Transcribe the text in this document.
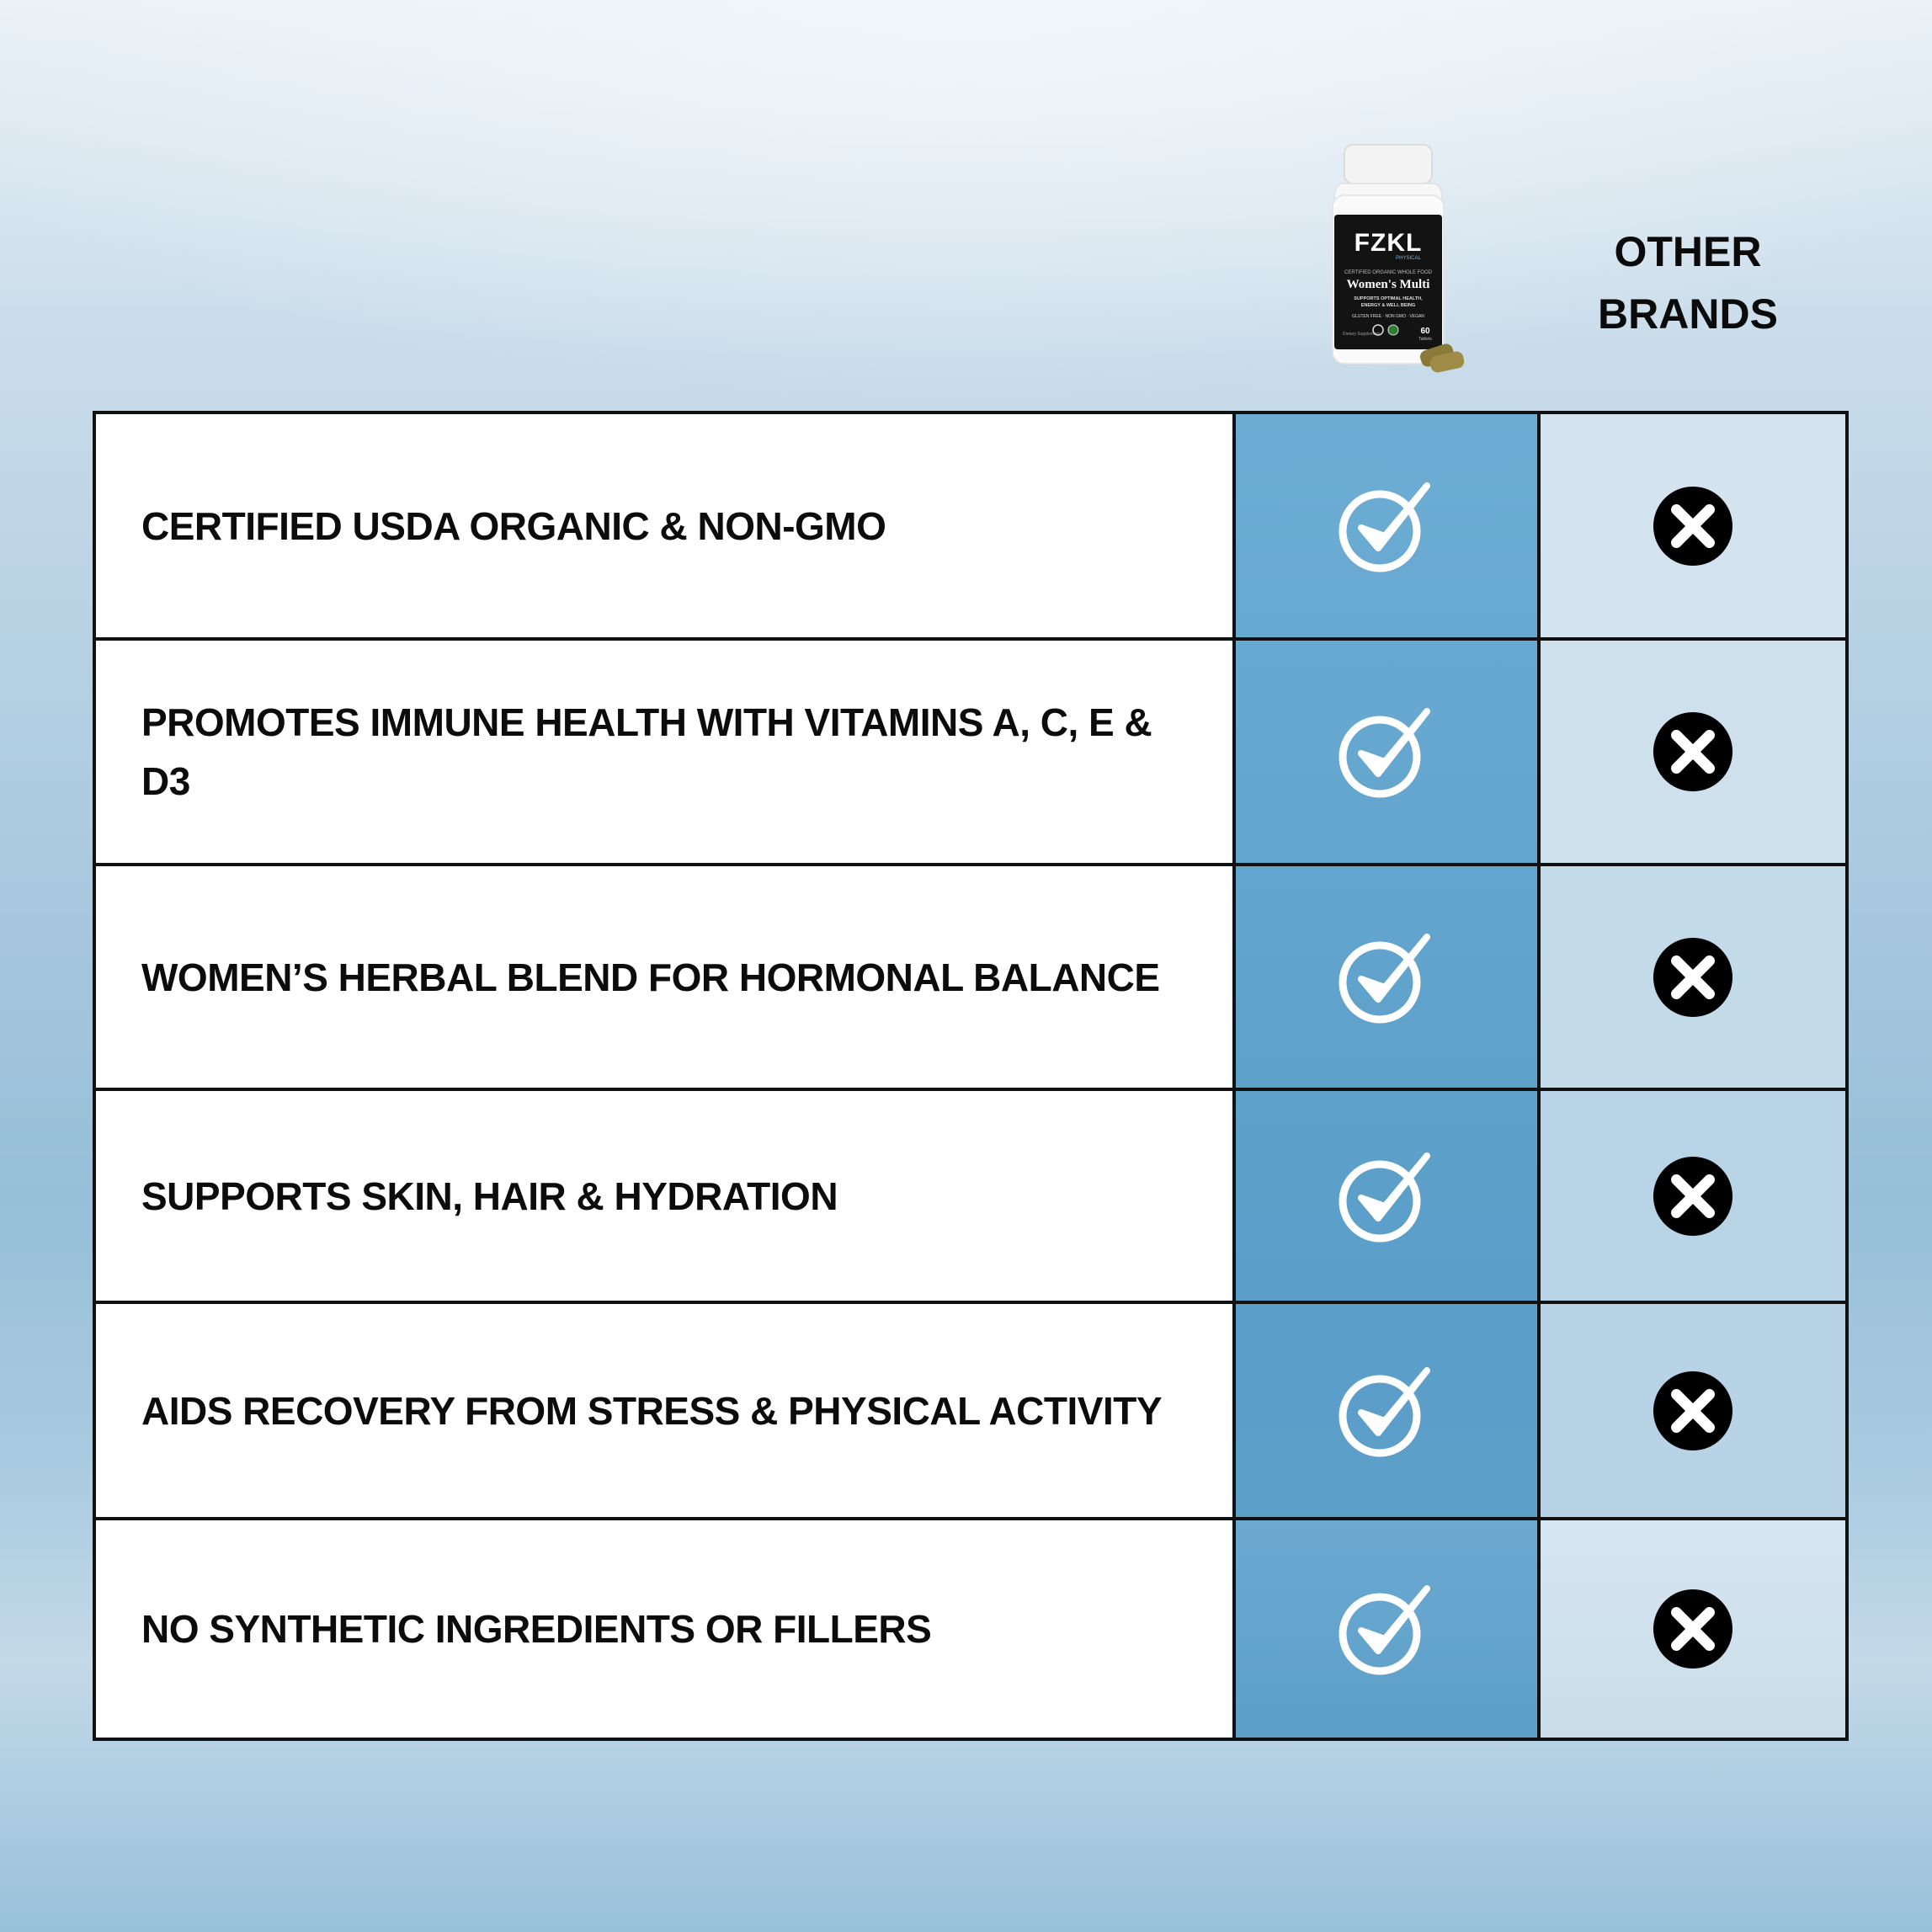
FZKL
PHYSICAL
CERTIFIED ORGANIC WHOLE FOOD
Women's Multi
SUPPORTS OPTIMAL HEALTH,
ENERGY & WELL BEING
GLUTEN FREE · NON GMO · VEGAN
Dietary Supplement	60
Tablets
OTHER
BRANDS
CERTIFIED USDA ORGANIC & NON-GMO
PROMOTES IMMUNE HEALTH WITH VITAMINS A, C, E & D3
WOMEN’S HERBAL BLEND FOR HORMONAL BALANCE
SUPPORTS SKIN, HAIR & HYDRATION
AIDS RECOVERY FROM STRESS & PHYSICAL ACTIVITY
NO SYNTHETIC INGREDIENTS OR FILLERS
